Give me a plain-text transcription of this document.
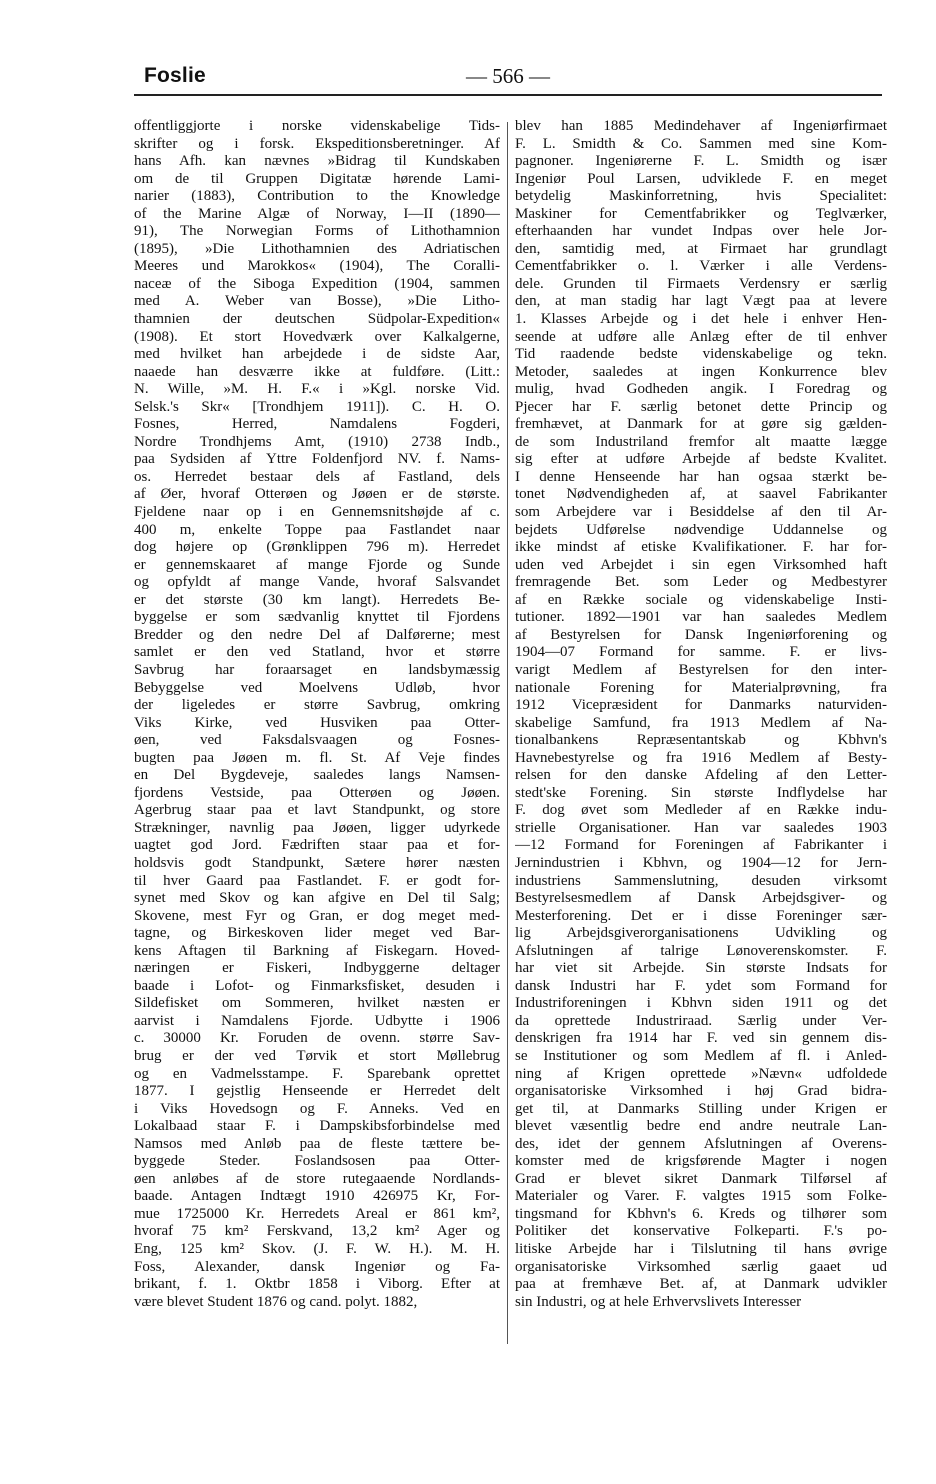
Foslie	— 566 —
offentliggjorte i norske videnskabelige Tids-
skrifter og i forsk. Ekspeditionsberetninger. Af
hans Afh. kan nævnes »Bidrag til Kundskaben
om de til Gruppen Digitatæ hørende Lami-
narier (1883), Contribution to the Knowledge
of the Marine Algæ of Norway, I—II (1890—
91), The Norwegian Forms of Lithothamnion
(1895), »Die Lithothamnien des Adriatischen
Meeres und Marokkos« (1904), The Coralli-
naceæ of the Siboga Expedition (1904, sammen
med A. Weber van Bosse), »Die Litho-
thamnien der deutschen Südpolar-Expedition«
(1908). Et stort Hovedværk over Kalkalgerne,
med hvilket han arbejdede i de sidste Aar,
naaede han desværre ikke at fuldføre. (Litt.:
N. Wille, »M. H. F.« i »Kgl. norske Vid.
Selsk.'s Skr« [Trondhjem 1911]). C. H. O.
Fosnes, Herred, Namdalens Fogderi,
Nordre Trondhjems Amt, (1910) 2738 Indb.,
paa Sydsiden af Yttre Foldenfjord NV. f. Nams-
os. Herredet bestaar dels af Fastland, dels
af Øer, hvoraf Otterøen og Jøøen er de største.
Fjeldene naar op i en Gennemsnitshøjde af c.
400 m, enkelte Toppe paa Fastlandet naar
dog højere op (Grønklippen 796 m). Herredet
er gennemskaaret af mange Fjorde og Sunde
og opfyldt af mange Vande, hvoraf Salsvandet
er det største (30 km langt). Herredets Be-
byggelse er som sædvanlig knyttet til Fjordens
Bredder og den nedre Del af Dalførerne; mest
samlet er den ved Statland, hvor et større
Savbrug har foraarsaget en landsbymæssig
Bebyggelse ved Moelvens Udløb, hvor
der ligeledes er større Savbrug, omkring
Viks Kirke, ved Husviken paa Otter-
øen, ved Faksdalsvaagen og Fosnes-
bugten paa Jøøen m. fl. St. Af Veje findes
en Del Bygdeveje, saaledes langs Namsen-
fjordens Vestside, paa Otterøen og Jøøen.
Agerbrug staar paa et lavt Standpunkt, og store
Strækninger, navnlig paa Jøøen, ligger udyrkede
uagtet god Jord. Fædriften staar paa et for-
holdsvis godt Standpunkt, Sætere hører næsten
til hver Gaard paa Fastlandet. F. er godt for-
synet med Skov og kan afgive en Del til Salg;
Skovene, mest Fyr og Gran, er dog meget med-
tagne, og Birkeskoven lider meget ved Bar-
kens Aftagen til Barkning af Fiskegarn. Hoved-
næringen er Fiskeri, Indbyggerne deltager
baade i Lofot- og Finmarksfisket, desuden i
Sildefisket om Sommeren, hvilket næsten er
aarvist i Namdalens Fjorde. Udbytte i 1906
c. 30000 Kr. Foruden de ovenn. større Sav-
brug er der ved Tørvik et stort Møllebrug
og en Vadmelsstampe. F. Sparebank oprettet
1877. I gejstlig Henseende er Herredet delt
i Viks Hovedsogn og F. Anneks. Ved en
Lokalbaad staar F. i Dampskibsforbindelse med
Namsos med Anløb paa de fleste tættere be-
byggede Steder. Foslandsosen paa Otter-
øen anløbes af de store rutegaaende Nordlands-
baade. Antagen Indtægt 1910 426975 Kr, For-
mue 1725000 Kr. Herredets Areal er 861 km²,
hvoraf 75 km² Ferskvand, 13,2 km² Ager og
Eng, 125 km² Skov. (J. F. W. H.). M. H.
Foss, Alexander, dansk Ingeniør og Fa-
brikant, f. 1. Oktbr 1858 i Viborg. Efter at
være blevet Student 1876 og cand. polyt. 1882,
blev han 1885 Medindehaver af Ingeniørfirmaet
F. L. Smidth & Co. Sammen med sine Kom-
pagnoner. Ingeniørerne F. L. Smidth og især
Ingeniør Poul Larsen, udviklede F. en meget
betydelig Maskinforretning, hvis Specialitet:
Maskiner for Cementfabrikker og Teglværker,
efterhaanden har vundet Indpas over hele Jor-
den, samtidig med, at Firmaet har grundlagt
Cementfabrikker o. l. Værker i alle Verdens-
dele. Grunden til Firmaets Verdensry er særlig
den, at man stadig har lagt Vægt paa at levere
1. Klasses Arbejde og i det hele i enhver Hen-
seende at udføre alle Anlæg efter de til enhver
Tid raadende bedste videnskabelige og tekn.
Metoder, saaledes at ingen Konkurrence blev
mulig, hvad Godheden angik. I Foredrag og
Pjecer har F. særlig betonet dette Princip og
fremhævet, at Danmark for at gøre sig gælden-
de som Industriland fremfor alt maatte lægge
sig efter at udføre Arbejde af bedste Kvalitet.
I denne Henseende har han ogsaa stærkt be-
tonet Nødvendigheden af, at saavel Fabrikanter
som Arbejdere var i Besiddelse af den til Ar-
bejdets Udførelse nødvendige Uddannelse og
ikke mindst af etiske Kvalifikationer. F. har for-
uden ved Arbejdet i sin egen Virksomhed haft
fremragende Bet. som Leder og Medbestyrer
af en Række sociale og videnskabelige Insti-
tutioner. 1892—1901 var han saaledes Medlem
af Bestyrelsen for Dansk Ingeniørforening og
1904—07 Formand for samme. F. er livs-
varigt Medlem af Bestyrelsen for den inter-
nationale Forening for Materialprøvning, fra
1912 Vicepræsident for Danmarks naturviden-
skabelige Samfund, fra 1913 Medlem af Na-
tionalbankens Repræsentantskab og Kbhvn's
Havnebestyrelse og fra 1916 Medlem af Besty-
relsen for den danske Afdeling af den Letter-
stedt'ske Forening. Sin største Indflydelse har
F. dog øvet som Medleder af en Række indu-
strielle Organisationer. Han var saaledes 1903
—12 Formand for Foreningen af Fabrikanter i
Jernindustrien i Kbhvn, og 1904—12 for Jern-
industriens Sammenslutning, desuden virksomt
Bestyrelsesmedlem af Dansk Arbejdsgiver- og
Mesterforening. Det er i disse Foreninger sær-
lig Arbejdsgiverorganisationens Udvikling og
Afslutningen af talrige Lønoverenskomster. F.
har viet sit Arbejde. Sin største Indsats for
dansk Industri har F. ydet som Formand for
Industriforeningen i Kbhvn siden 1911 og det
da oprettede Industriraad. Særlig under Ver-
denskrigen fra 1914 har F. ved sin gennem dis-
se Institutioner og som Medlem af fl. i Anled-
ning af Krigen oprettede »Nævn« udfoldede
organisatoriske Virksomhed i høj Grad bidra-
get til, at Danmarks Stilling under Krigen er
blevet væsentlig bedre end andre neutrale Lan-
des, idet der gennem Afslutningen af Overens-
komster med de krigsførende Magter i nogen
Grad er blevet sikret Danmark Tilførsel af
Materialer og Varer. F. valgtes 1915 som Folke-
tingsmand for Kbhvn's 6. Kreds og tilhører som
Politiker det konservative Folkeparti. F.'s po-
litiske Arbejde har i Tilslutning til hans øvrige
organisatoriske Virksomhed særlig gaaet ud
paa at fremhæve Bet. af, at Danmark udvikler
sin Industri, og at hele Erhvervslivets Interesser
